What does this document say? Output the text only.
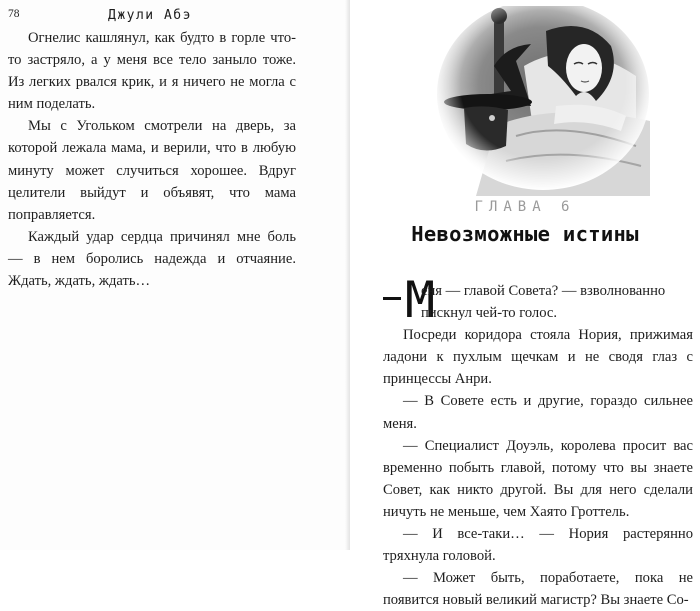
78	Джули Абэ

Огнелис кашлянул, как будто в горле что-то застряло, а у меня все тело заныло тоже. Из легких рвался крик, и я ничего не могла с ним поделать.

Мы с Угольком смотрели на дверь, за которой лежала мама, и верили, что в любую минуту может случиться хорошее. Вдруг целители выйдут и объявят, что мама поправляется.

Каждый удар сердца причинял мне боль — в нем боролись надежда и отчаяние. Ждать, ждать, ждать…

ГЛАВА 6
Невозможные истины
М

еня — главой Совета? — взволнованно

пискнул чей-то голос.

Посреди коридора стояла Нория, прижимая ладони к пухлым щечкам и не сводя глаз с принцессы Анри.

— В Совете есть и другие, гораздо сильнее меня.

— Специалист Доуэль, королева просит вас временно побыть главой, потому что вы знаете Совет, как никто другой. Вы для него сделали ничуть не меньше, чем Хаято Гроттель.

— И все-таки… — Нория растерянно тряхнула головой.

— Может быть, поработаете, пока не появится новый великий магистр? Вы знаете Со-
